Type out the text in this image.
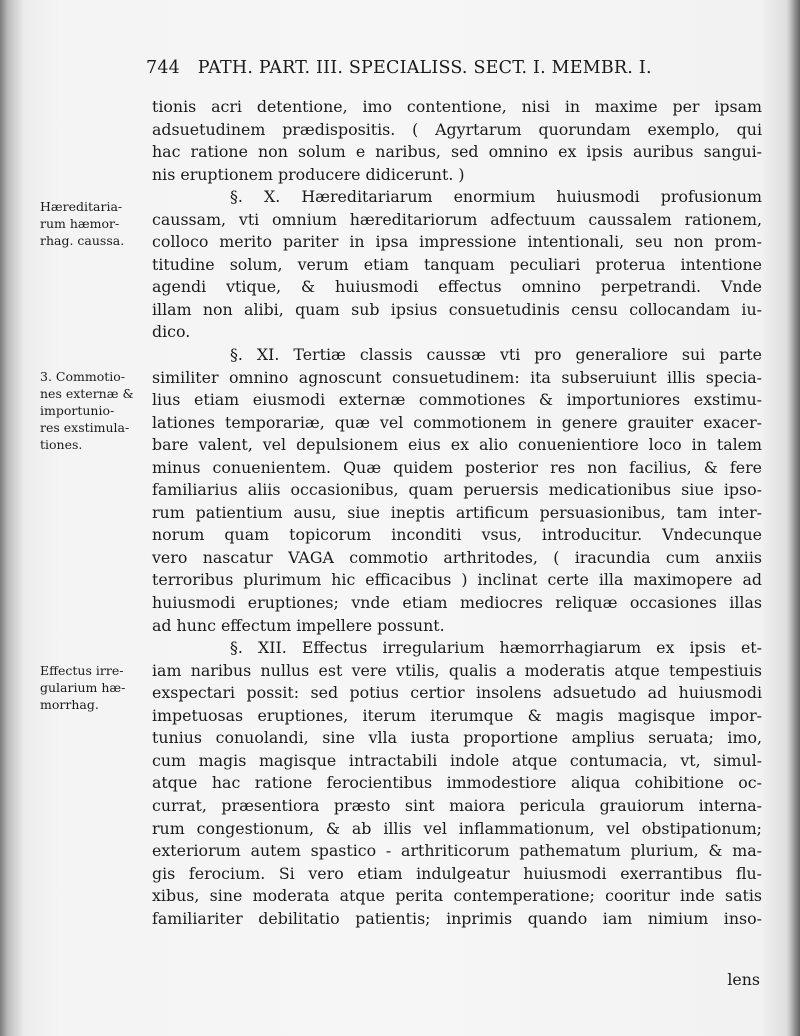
744 PATH. PART. III. SPECIALISS. SECT. I. MEMBR. I.
Hæreditaria-
rum hæmor-
rhag. caussa.
3. Commotio-
nes externæ &
importunio-
res exstimula-
tiones.
Effectus irre-
gularium hæ-
morrhag.
tionis acri detentione, imo contentione, nisi in maxime per ipsam
adsuetudinem prædispositis. ( Agyrtarum quorundam exemplo, qui
hac ratione non solum e naribus, sed omnino ex ipsis auribus sangui-
nis eruptionem producere didicerunt. )
§. X. Hæreditariarum enormium huiusmodi profusionum
caussam, vti omnium hæreditariorum adfectuum caussalem rationem,
colloco merito pariter in ipsa impressione intentionali, seu non prom-
titudine solum, verum etiam tanquam peculiari proterua intentione
agendi vtique, & huiusmodi effectus omnino perpetrandi. Vnde
illam non alibi, quam sub ipsius consuetudinis censu collocandam iu-
dico.
§. XI. Tertiæ classis caussæ vti pro generaliore sui parte
similiter omnino agnoscunt consuetudinem: ita subseruiunt illis specia-
lius etiam eiusmodi externæ commotiones & importuniores exstimu-
lationes temporariæ, quæ vel commotionem in genere grauiter exacer-
bare valent, vel depulsionem eius ex alio conuenientiore loco in talem
minus conuenientem. Quæ quidem posterior res non facilius, & fere
familiarius aliis occasionibus, quam peruersis medicationibus siue ipso-
rum patientium ausu, siue ineptis artificum persuasionibus, tam inter-
norum quam topicorum inconditi vsus, introducitur. Vndecunque
vero nascatur VAGA commotio arthritodes, ( iracundia cum anxiis
terroribus plurimum hic efficacibus ) inclinat certe illa maximopere ad
huiusmodi eruptiones; vnde etiam mediocres reliquæ occasiones illas
ad hunc effectum impellere possunt.
§. XII. Effectus irregularium hæmorrhagiarum ex ipsis et-
iam naribus nullus est vere vtilis, qualis a moderatis atque tempestiuis
exspectari possit: sed potius certior insolens adsuetudo ad huiusmodi
impetuosas eruptiones, iterum iterumque & magis magisque impor-
tunius conuolandi, sine vlla iusta proportione amplius seruata; imo,
cum magis magisque intractabili indole atque contumacia, vt, simul-
atque hac ratione ferocientibus immodestiore aliqua cohibitione oc-
currat, præsentiora præsto sint maiora pericula grauiorum interna-
rum congestionum, & ab illis vel inflammationum, vel obstipationum;
exteriorum autem spastico - arthriticorum pathematum plurium, & ma-
gis ferocium. Si vero etiam indulgeatur huiusmodi exerrantibus flu-
xibus, sine moderata atque perita contemperatione; cooritur inde satis
familiariter debilitatio patientis; inprimis quando iam nimium inso-
lens
